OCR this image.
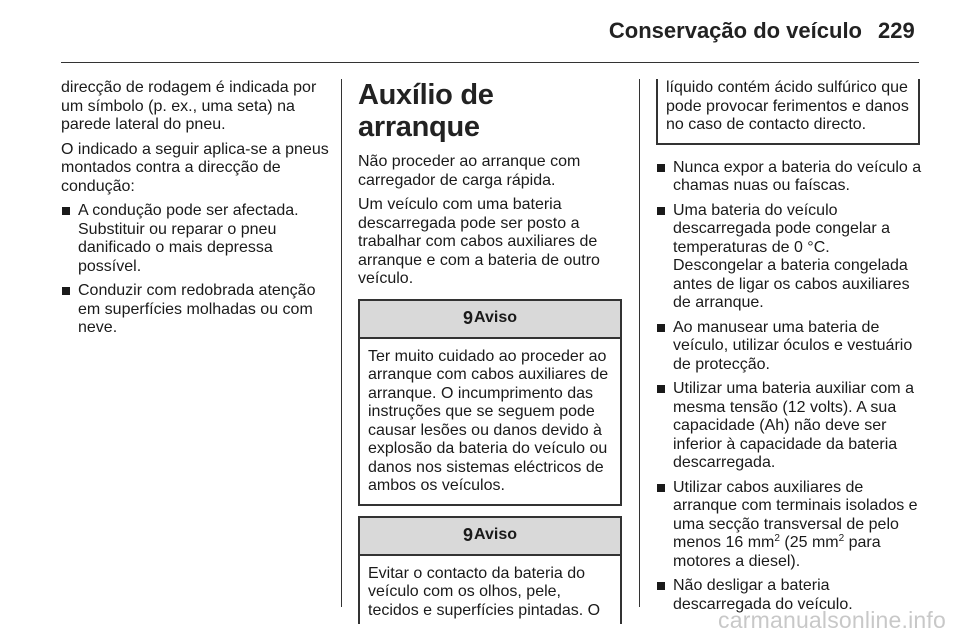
Conservação do veículo 229

direcção de rodagem é indicada por um símbolo (p. ex., uma seta) na parede lateral do pneu.

O indicado a seguir aplica-se a pneus montados contra a direcção de condução:

A condução pode ser afectada. Substituir ou reparar o pneu danificado o mais depressa possível.
Conduzir com redobrada atenção em superfícies molhadas ou com neve.
Auxílio de arranque

Não proceder ao arranque com carregador de carga rápida.

Um veículo com uma bateria descarregada pode ser posto a trabalhar com cabos auxiliares de arranque e com a bateria de outro veículo.

9 Aviso
Ter muito cuidado ao proceder ao arranque com cabos auxiliares de arranque. O incumprimento das instruções que se seguem pode causar lesões ou danos devido à explosão da bateria do veículo ou danos nos sistemas eléctricos de ambos os veículos.
9 Aviso
Evitar o contacto da bateria do veículo com os olhos, pele, tecidos e superfícies pintadas. O
líquido contém ácido sulfúrico que pode provocar ferimentos e danos no caso de contacto directo.
Nunca expor a bateria do veículo a chamas nuas ou faíscas.
Uma bateria do veículo descarregada pode congelar a temperaturas de 0 °C. Descongelar a bateria congelada antes de ligar os cabos auxiliares de arranque.
Ao manusear uma bateria de veículo, utilizar óculos e vestuário de protecção.
Utilizar uma bateria auxiliar com a mesma tensão (12 volts). A sua capacidade (Ah) não deve ser inferior à capacidade da bateria descarregada.
Utilizar cabos auxiliares de arranque com terminais isolados e uma secção transversal de pelo menos 16 $mm^2$ (25 $mm^2$ para motores a diesel).
Não desligar a bateria descarregada do veículo.
carmanualsonline.info
